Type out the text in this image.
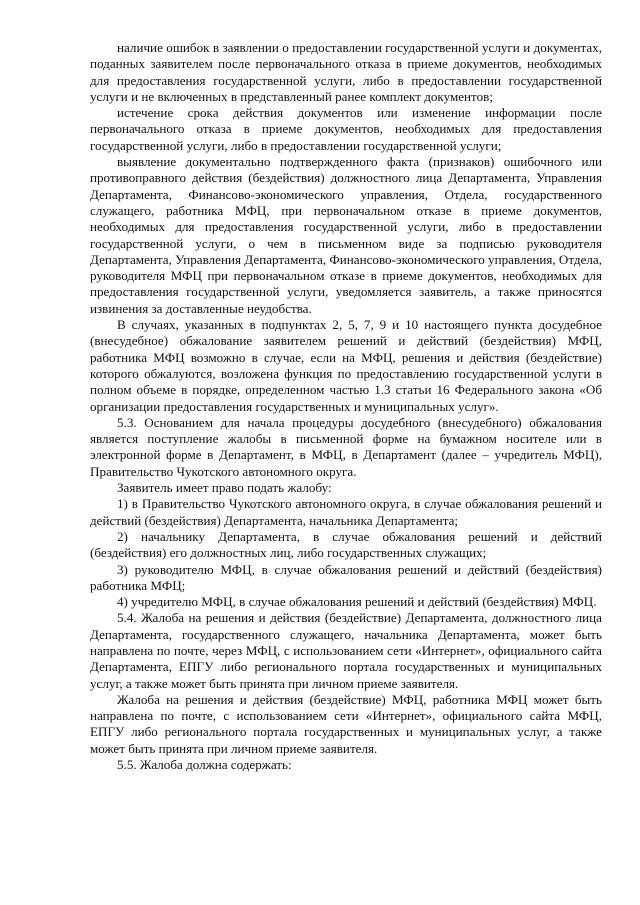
наличие ошибок в заявлении о предоставлении государственной услуги и документах, поданных заявителем после первоначального отказа в приеме документов, необходимых для предоставления государственной услуги, либо в предоставлении государственной услуги и не включенных в представленный ранее комплект документов;

истечение срока действия документов или изменение информации после первоначального отказа в приеме документов, необходимых для предоставления государственной услуги, либо в предоставлении государственной услуги;

выявление документально подтвержденного факта (признаков) ошибочного или противоправного действия (бездействия) должностного лица Департамента, Управления Департамента, Финансово-экономического управления, Отдела, государственного служащего, работника МФЦ, при первоначальном отказе в приеме документов, необходимых для предоставления государственной услуги, либо в предоставлении государственной услуги, о чем в письменном виде за подписью руководителя Департамента, Управления Департамента, Финансово-экономического управления, Отдела, руководителя МФЦ при первоначальном отказе в приеме документов, необходимых для предоставления государственной услуги, уведомляется заявитель, а также приносятся извинения за доставленные неудобства.

В случаях, указанных в подпунктах 2, 5, 7, 9 и 10 настоящего пункта досудебное (внесудебное) обжалование заявителем решений и действий (бездействия) МФЦ, работника МФЦ возможно в случае, если на МФЦ, решения и действия (бездействие) которого обжалуются, возложена функция по предоставлению государственной услуги в полном объеме в порядке, определенном частью 1.3 статьи 16 Федерального закона «Об организации предоставления государственных и муниципальных услуг».

5.3. Основанием для начала процедуры досудебного (внесудебного) обжалования является поступление жалобы в письменной форме на бумажном носителе или в электронной форме в Департамент, в МФЦ, в Департамент (далее – учредитель МФЦ), Правительство Чукотского автономного округа.

Заявитель имеет право подать жалобу:

1) в Правительство Чукотского автономного округа, в случае обжалования решений и действий (бездействия) Департамента, начальника Департамента;

2) начальнику Департамента, в случае обжалования решений и действий (бездействия) его должностных лиц, либо государственных служащих;

3) руководителю МФЦ, в случае обжалования решений и действий (бездействия) работника МФЦ;

4) учредителю МФЦ, в случае обжалования решений и действий (бездействия) МФЦ.

5.4. Жалоба на решения и действия (бездействие) Департамента, должностного лица Департамента, государственного служащего, начальника Департамента, может быть направлена по почте, через МФЦ, с использованием сети «Интернет», официального сайта Департамента, ЕПГУ либо регионального портала государственных и муниципальных услуг, а также может быть принята при личном приеме заявителя.

Жалоба на решения и действия (бездействие) МФЦ, работника МФЦ может быть направлена по почте, с использованием сети «Интернет», официального сайта МФЦ, ЕПГУ либо регионального портала государственных и муниципальных услуг, а также может быть принята при личном приеме заявителя.

5.5. Жалоба должна содержать:
